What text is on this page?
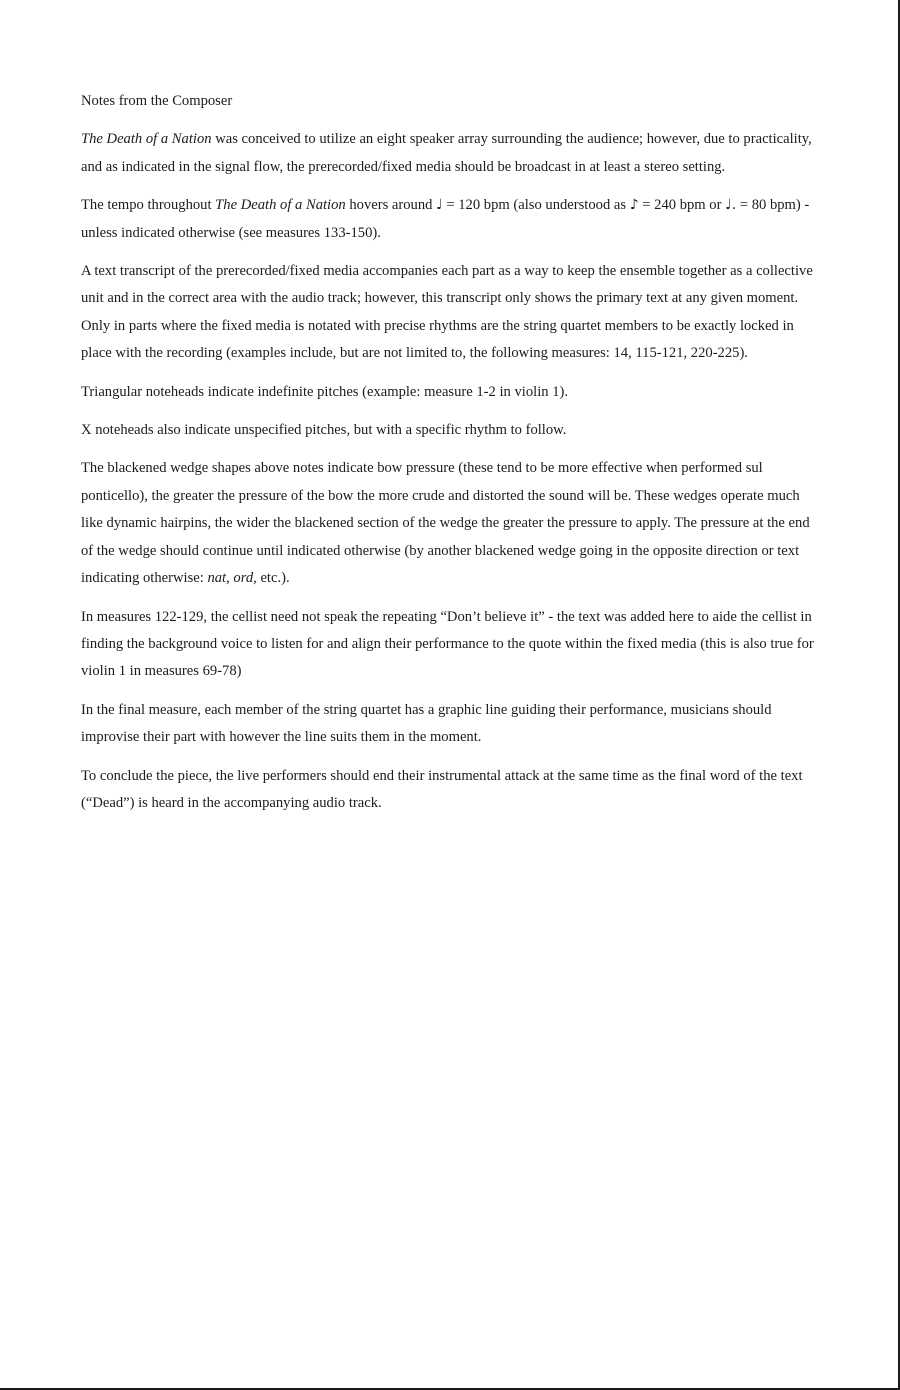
Notes from the Composer
The Death of a Nation was conceived to utilize an eight speaker array surrounding the audience; however, due to practicality, and as indicated in the signal flow, the prerecorded/fixed media should be broadcast in at least a stereo setting.
The tempo throughout The Death of a Nation hovers around ♩ = 120 bpm (also understood as ♪ = 240 bpm or ♩. = 80 bpm) - unless indicated otherwise (see measures 133-150).
A text transcript of the prerecorded/fixed media accompanies each part as a way to keep the ensemble together as a collective unit and in the correct area with the audio track; however, this transcript only shows the primary text at any given moment. Only in parts where the fixed media is notated with precise rhythms are the string quartet members to be exactly locked in place with the recording (examples include, but are not limited to, the following measures: 14, 115-121, 220-225).
Triangular noteheads indicate indefinite pitches (example: measure 1-2 in violin 1).
X noteheads also indicate unspecified pitches, but with a specific rhythm to follow.
The blackened wedge shapes above notes indicate bow pressure (these tend to be more effective when performed sul ponticello), the greater the pressure of the bow the more crude and distorted the sound will be. These wedges operate much like dynamic hairpins, the wider the blackened section of the wedge the greater the pressure to apply. The pressure at the end of the wedge should continue until indicated otherwise (by another blackened wedge going in the opposite direction or text indicating otherwise: nat, ord, etc.).
In measures 122-129, the cellist need not speak the repeating “Don’t believe it” - the text was added here to aide the cellist in finding the background voice to listen for and align their performance to the quote within the fixed media (this is also true for violin 1 in measures 69-78)
In the final measure, each member of the string quartet has a graphic line guiding their performance, musicians should improvise their part with however the line suits them in the moment.
To conclude the piece, the live performers should end their instrumental attack at the same time as the final word of the text (“Dead”) is heard in the accompanying audio track.
